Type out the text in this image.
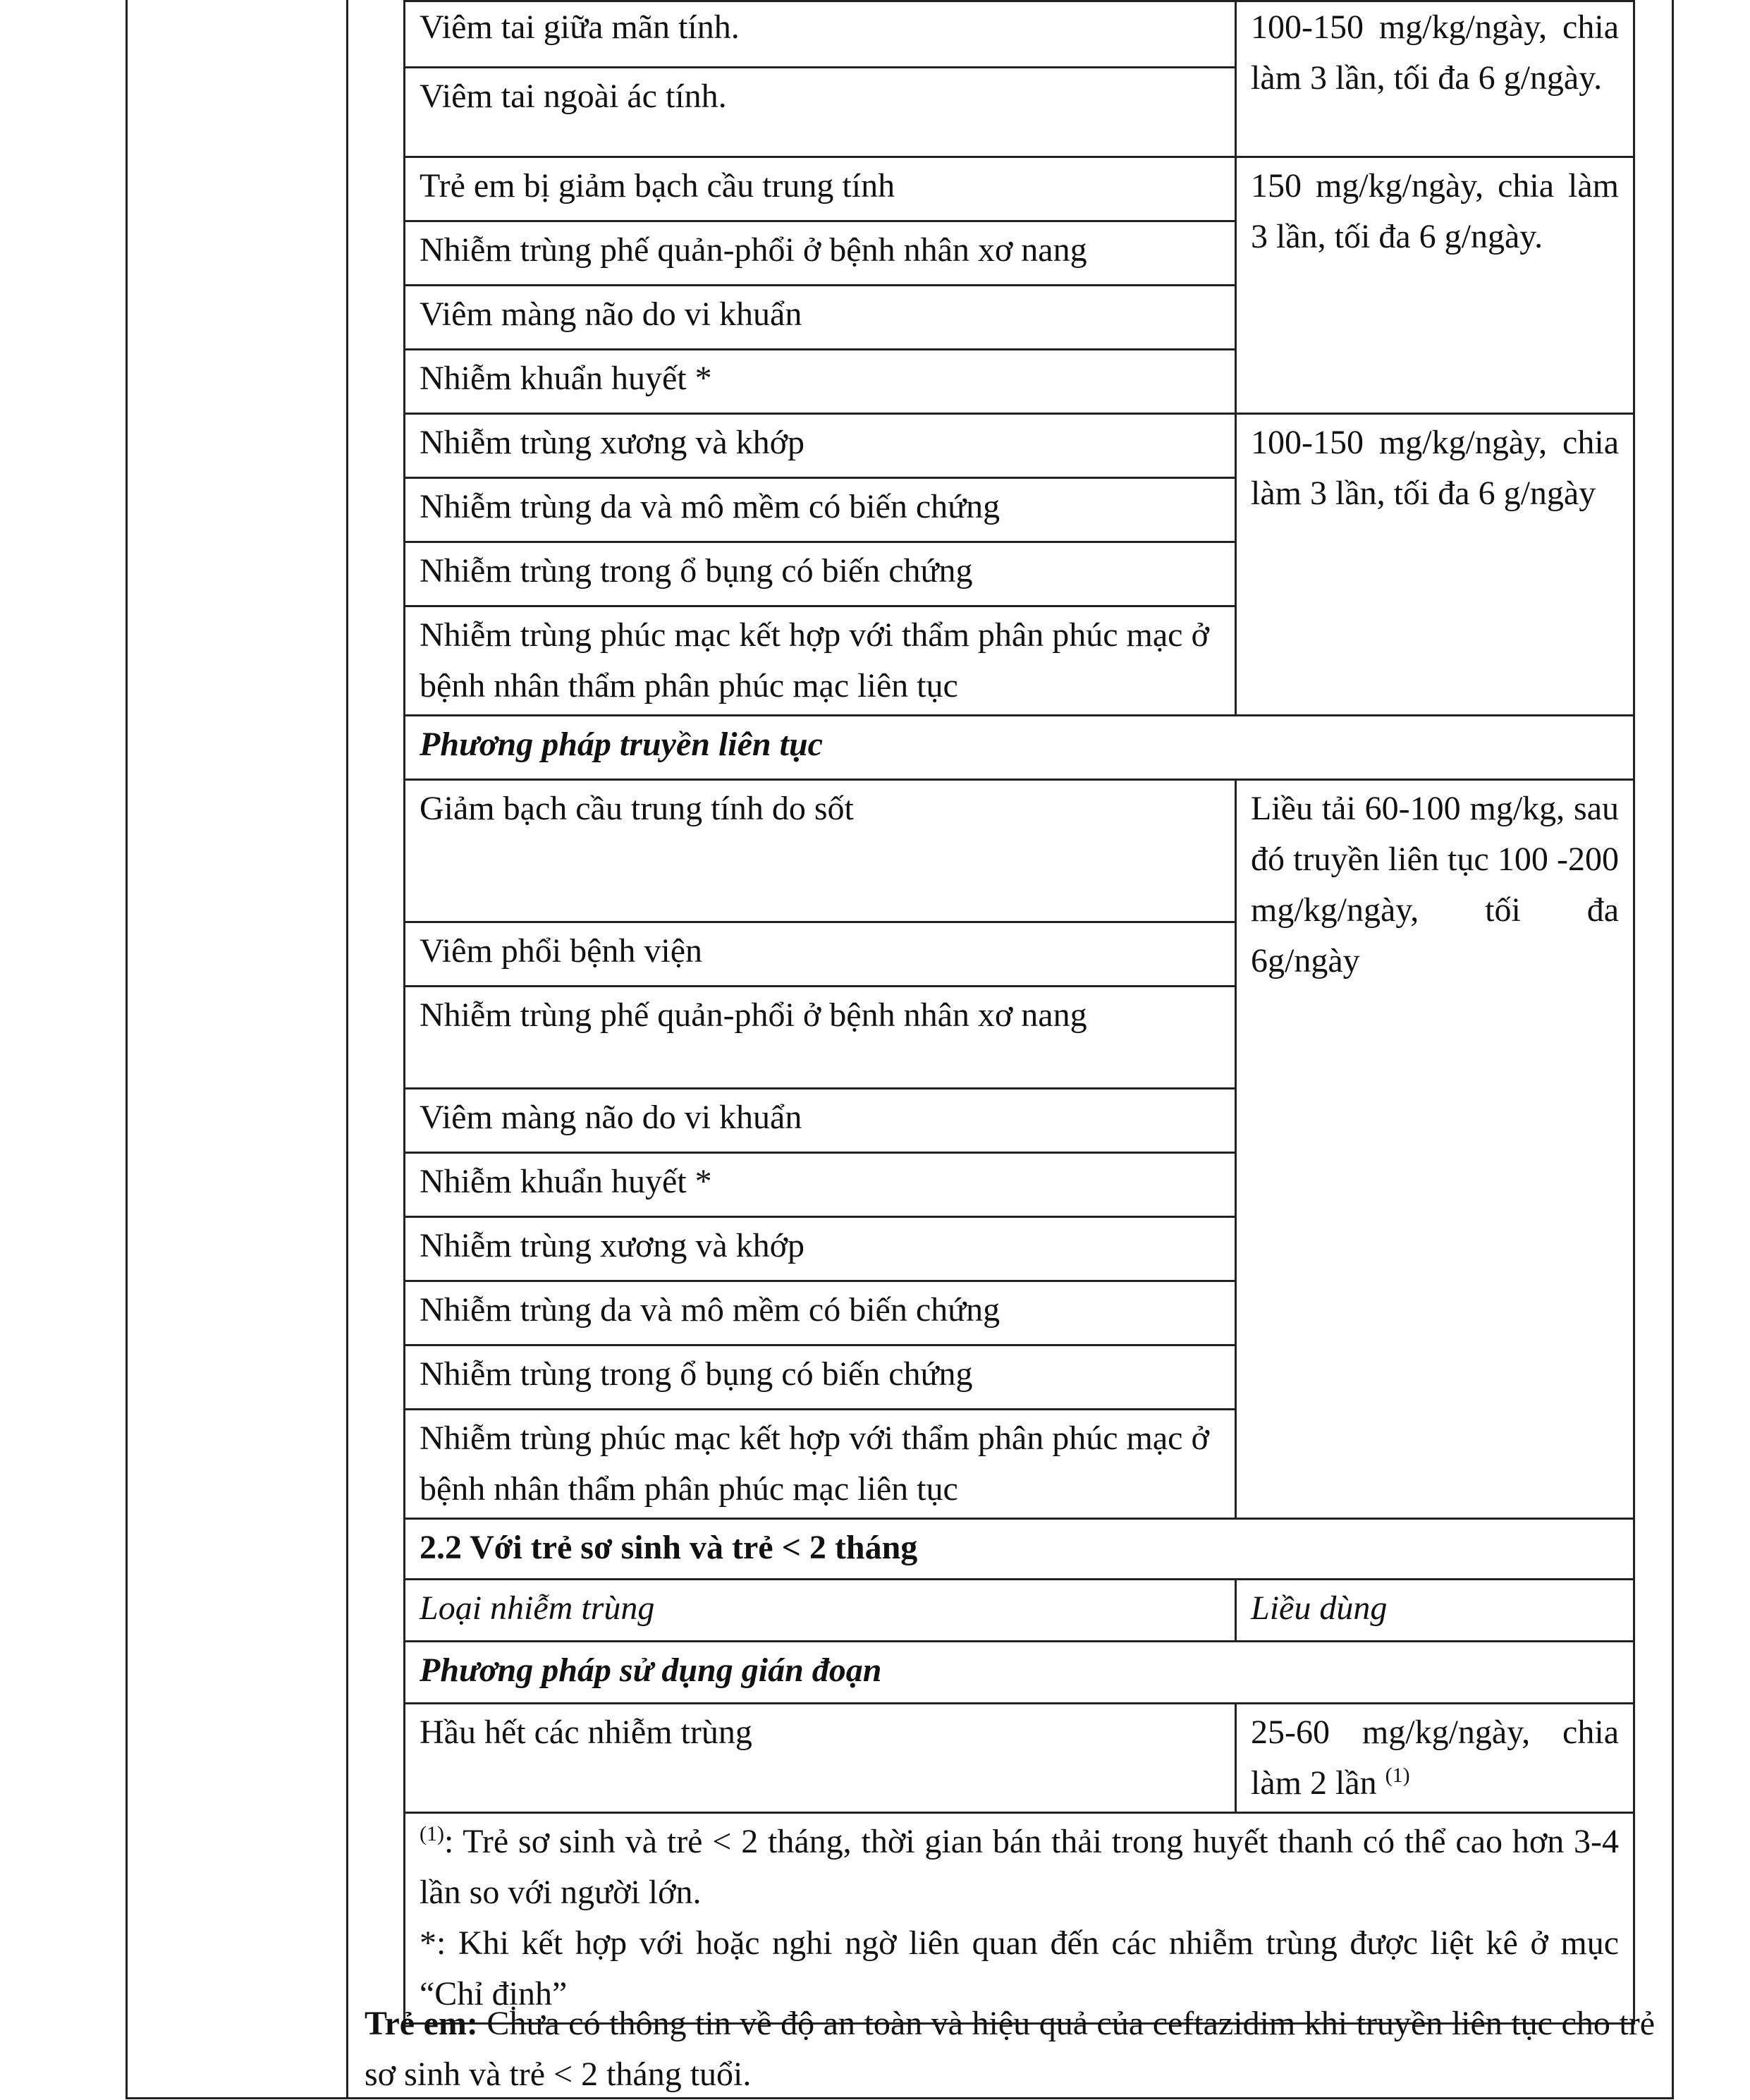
Viêm tai giữa mãn tính.	100-150 mg/kg/ngày, chia làm 3 lần, tối đa 6 g/ngày.
Viêm tai ngoài ác tính.	
Trẻ em bị giảm bạch cầu trung tính	150 mg/kg/ngày, chia làm 3 lần, tối đa 6 g/ngày.
Nhiễm trùng phế quản-phổi ở bệnh nhân xơ nang	
Viêm màng não do vi khuẩn	
Nhiễm khuẩn huyết *	
Nhiễm trùng xương và khớp	100-150 mg/kg/ngày, chia làm 3 lần, tối đa 6 g/ngày
Nhiễm trùng da và mô mềm có biến chứng	
Nhiễm trùng trong ổ bụng có biến chứng	
Nhiễm trùng phúc mạc kết hợp với thẩm phân phúc mạc ở bệnh nhân thẩm phân phúc mạc liên tục	
Phương pháp truyền liên tục	
Giảm bạch cầu trung tính do sốt	Liều tải 60-100 mg/kg, sau đó truyền liên tục 100 -200 mg/kg/ngày, tối đa 6g/ngày
Viêm phổi bệnh viện	
Nhiễm trùng phế quản-phổi ở bệnh nhân xơ nang	
Viêm màng não do vi khuẩn	
Nhiễm khuẩn huyết *	
Nhiễm trùng xương và khớp	
Nhiễm trùng da và mô mềm có biến chứng	
Nhiễm trùng trong ổ bụng có biến chứng	
Nhiễm trùng phúc mạc kết hợp với thẩm phân phúc mạc ở bệnh nhân thẩm phân phúc mạc liên tục	
2.2 Với trẻ sơ sinh và trẻ < 2 tháng	
Loại nhiễm trùng	Liều dùng
Phương pháp sử dụng gián đoạn	
Hầu hết các nhiễm trùng	25-60 mg/kg/ngày, chia làm 2 lần $^{(1)}$

$^{(1)}$: Trẻ sơ sinh và trẻ < 2 tháng, thời gian bán thải trong huyết thanh có thể cao hơn 3-4 lần so với người lớn.
*: Khi kết hợp với hoặc nghi ngờ liên quan đến các nhiễm trùng được liệt kê ở mục “Chỉ định”	
Trẻ em: Chưa có thông tin về độ an toàn và hiệu quả của ceftazidim khi truyền liên tục cho trẻ sơ sinh và trẻ < 2 tháng tuổi.
